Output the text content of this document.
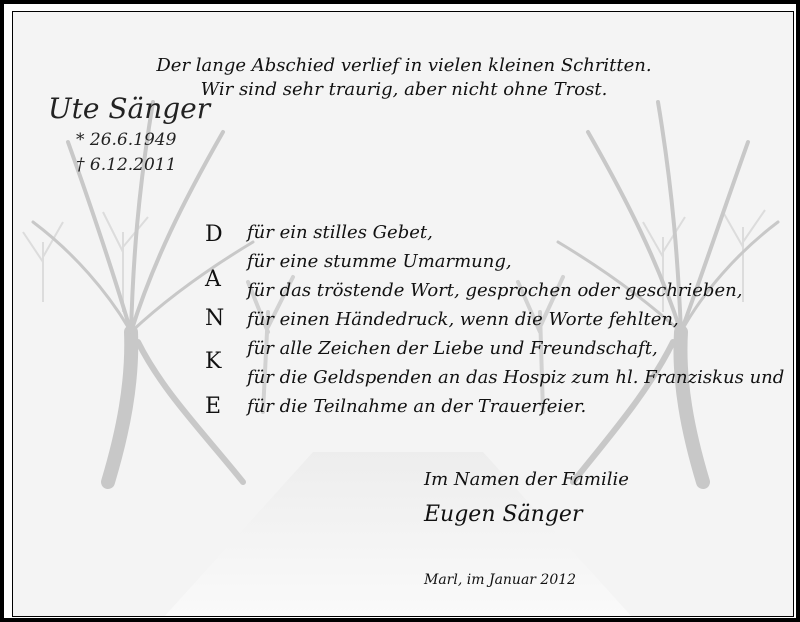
Der lange Abschied verlief in vielen kleinen Schritten.
Wir sind sehr traurig, aber nicht ohne Trost.
Ute Sänger
* 26.6.1949
† 6.12.2011
D
A
N
K
E
für ein stilles Gebet,
für eine stumme Umarmung,
für das tröstende Wort, gesprochen oder geschrieben,
für einen Händedruck, wenn die Worte fehlten,
für alle Zeichen der Liebe und Freundschaft,
für die Geldspenden an das Hospiz zum hl. Franziskus und
für die Teilnahme an der Trauerfeier.
Im Namen der Familie
Eugen Sänger
Marl, im Januar 2012
